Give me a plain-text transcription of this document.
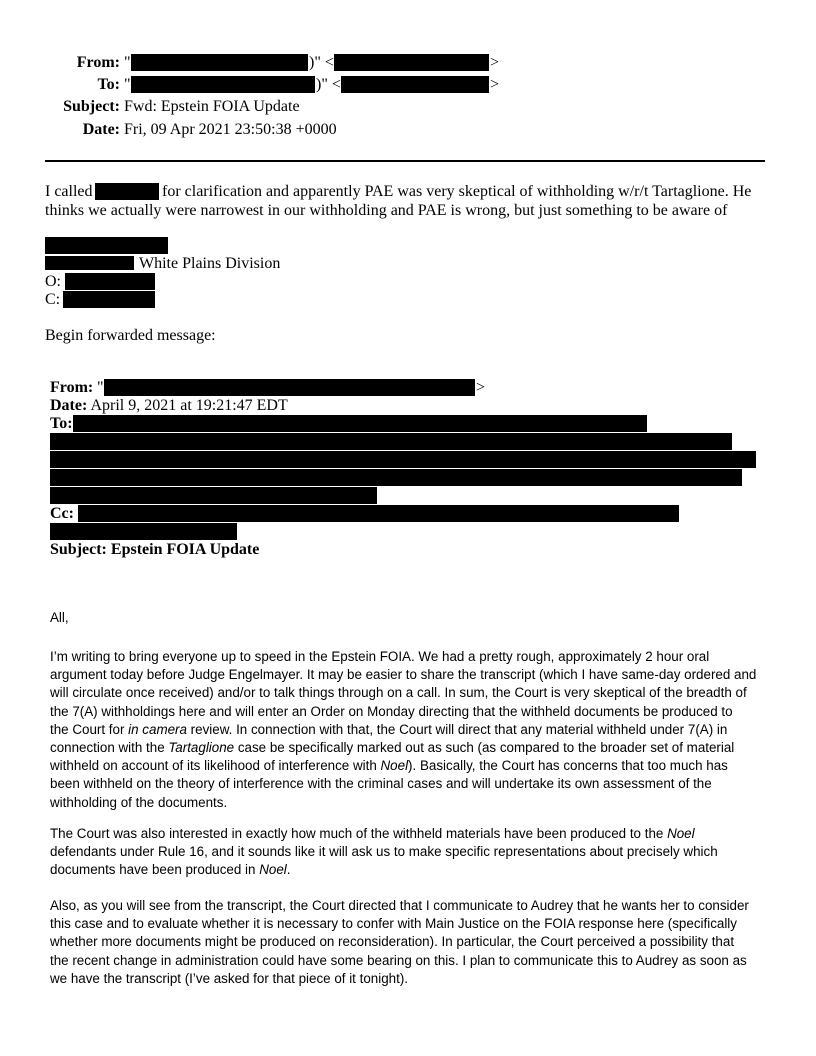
From: "	)" <	>
To: "	)" <	>
Subject: Fwd: Epstein FOIA Update
Date: Fri, 09 Apr 2021 23:50:38 +0000
I called	for clarification and apparently PAE was very skeptical of withholding w/r/t Tartaglione. He
thinks we actually were narrowest in our withholding and PAE is wrong, but just something to be aware of
White Plains Division
O:
C:
Begin forwarded message:
From: "	>
Date: April 9, 2021 at 19:21:47 EDT
To:
Cc:
Subject: Epstein FOIA Update
All,
I’m writing to bring everyone up to speed in the Epstein FOIA. We had a pretty rough, approximately 2 hour oral
argument today before Judge Engelmayer. It may be easier to share the transcript (which I have same-day ordered and
will circulate once received) and/or to talk things through on a call. In sum, the Court is very skeptical of the breadth of
the 7(A) withholdings here and will enter an Order on Monday directing that the withheld documents be produced to
the Court for in camera review. In connection with that, the Court will direct that any material withheld under 7(A) in
connection with the Tartaglione case be specifically marked out as such (as compared to the broader set of material
withheld on account of its likelihood of interference with Noel). Basically, the Court has concerns that too much has
been withheld on the theory of interference with the criminal cases and will undertake its own assessment of the
withholding of the documents.
The Court was also interested in exactly how much of the withheld materials have been produced to the Noel
defendants under Rule 16, and it sounds like it will ask us to make specific representations about precisely which
documents have been produced in Noel.
Also, as you will see from the transcript, the Court directed that I communicate to Audrey that he wants her to consider
this case and to evaluate whether it is necessary to confer with Main Justice on the FOIA response here (specifically
whether more documents might be produced on reconsideration). In particular, the Court perceived a possibility that
the recent change in administration could have some bearing on this. I plan to communicate this to Audrey as soon as
we have the transcript (I’ve asked for that piece of it tonight).
